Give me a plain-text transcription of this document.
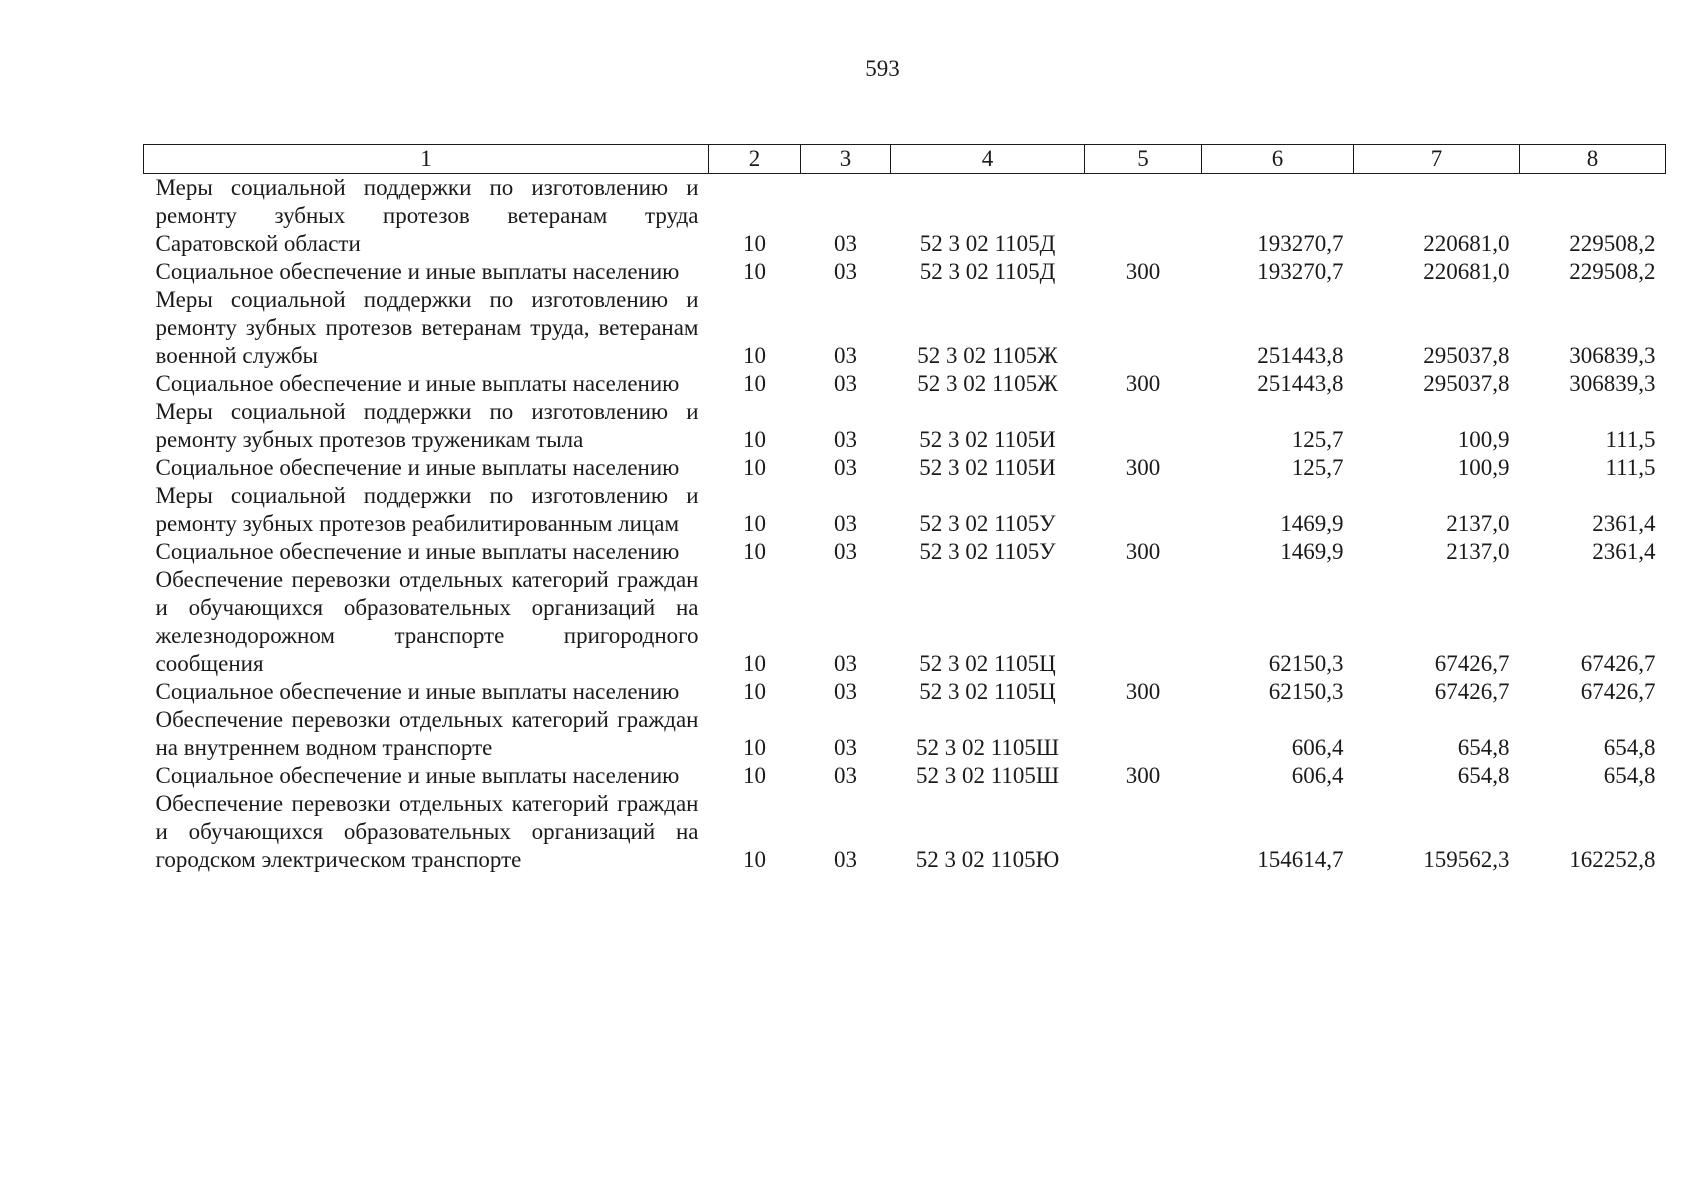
593
1	2	3	4	5	6	7	8
Меры социальной поддержки по изготовлению и ремонту зубных протезов ветеранам труда Саратовской области	10	03	52 3 02 1105Д		193270,7	220681,0	229508,2
Социальное обеспечение и иные выплаты населению	10	03	52 3 02 1105Д	300	193270,7	220681,0	229508,2
Меры социальной поддержки по изготовлению и ремонту зубных протезов ветеранам труда, ветеранам военной службы	10	03	52 3 02 1105Ж		251443,8	295037,8	306839,3
Социальное обеспечение и иные выплаты населению	10	03	52 3 02 1105Ж	300	251443,8	295037,8	306839,3
Меры социальной поддержки по изготовлению и ремонту зубных протезов труженикам тыла	10	03	52 3 02 1105И		125,7	100,9	111,5
Социальное обеспечение и иные выплаты населению	10	03	52 3 02 1105И	300	125,7	100,9	111,5
Меры социальной поддержки по изготовлению и ремонту зубных протезов реабилитированным лицам	10	03	52 3 02 1105У		1469,9	2137,0	2361,4
Социальное обеспечение и иные выплаты населению	10	03	52 3 02 1105У	300	1469,9	2137,0	2361,4
Обеспечение перевозки отдельных категорий граждан и обучающихся образовательных организаций на железнодорожном транспорте пригородного сообщения	10	03	52 3 02 1105Ц		62150,3	67426,7	67426,7
Социальное обеспечение и иные выплаты населению	10	03	52 3 02 1105Ц	300	62150,3	67426,7	67426,7
Обеспечение перевозки отдельных категорий граждан на внутреннем водном транспорте	10	03	52 3 02 1105Ш		606,4	654,8	654,8
Социальное обеспечение и иные выплаты населению	10	03	52 3 02 1105Ш	300	606,4	654,8	654,8
Обеспечение перевозки отдельных категорий граждан и обучающихся образовательных организаций на городском электрическом транспорте	10	03	52 3 02 1105Ю		154614,7	159562,3	162252,8
